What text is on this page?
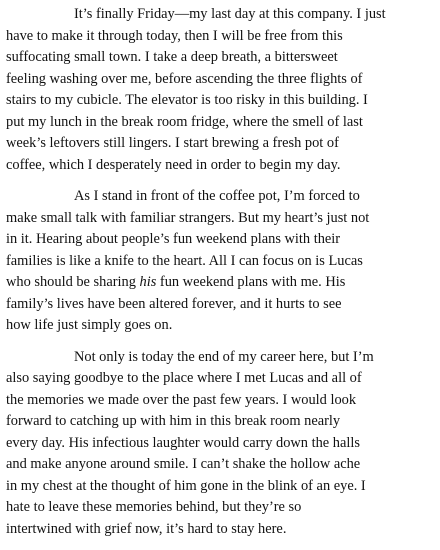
It’s finally Friday—my last day at this company. I just
have to make it through today, then I will be free from this
suffocating small town. I take a deep breath, a bittersweet
feeling washing over me, before ascending the three flights of
stairs to my cubicle. The elevator is too risky in this building. I
put my lunch in the break room fridge, where the smell of last
week’s leftovers still lingers. I start brewing a fresh pot of
coffee, which I desperately need in order to begin my day.

As I stand in front of the coffee pot, I’m forced to
make small talk with familiar strangers. But my heart’s just not
in it. Hearing about people’s fun weekend plans with their
families is like a knife to the heart. All I can focus on is Lucas
who should be sharing his fun weekend plans with me. His
family’s lives have been altered forever, and it hurts to see
how life just simply goes on.

Not only is today the end of my career here, but I’m
also saying goodbye to the place where I met Lucas and all of
the memories we made over the past few years. I would look
forward to catching up with him in this break room nearly
every day. His infectious laughter would carry down the halls
and make anyone around smile. I can’t shake the hollow ache
in my chest at the thought of him gone in the blink of an eye. I
hate to leave these memories behind, but they’re so
intertwined with grief now, it’s hard to stay here.
